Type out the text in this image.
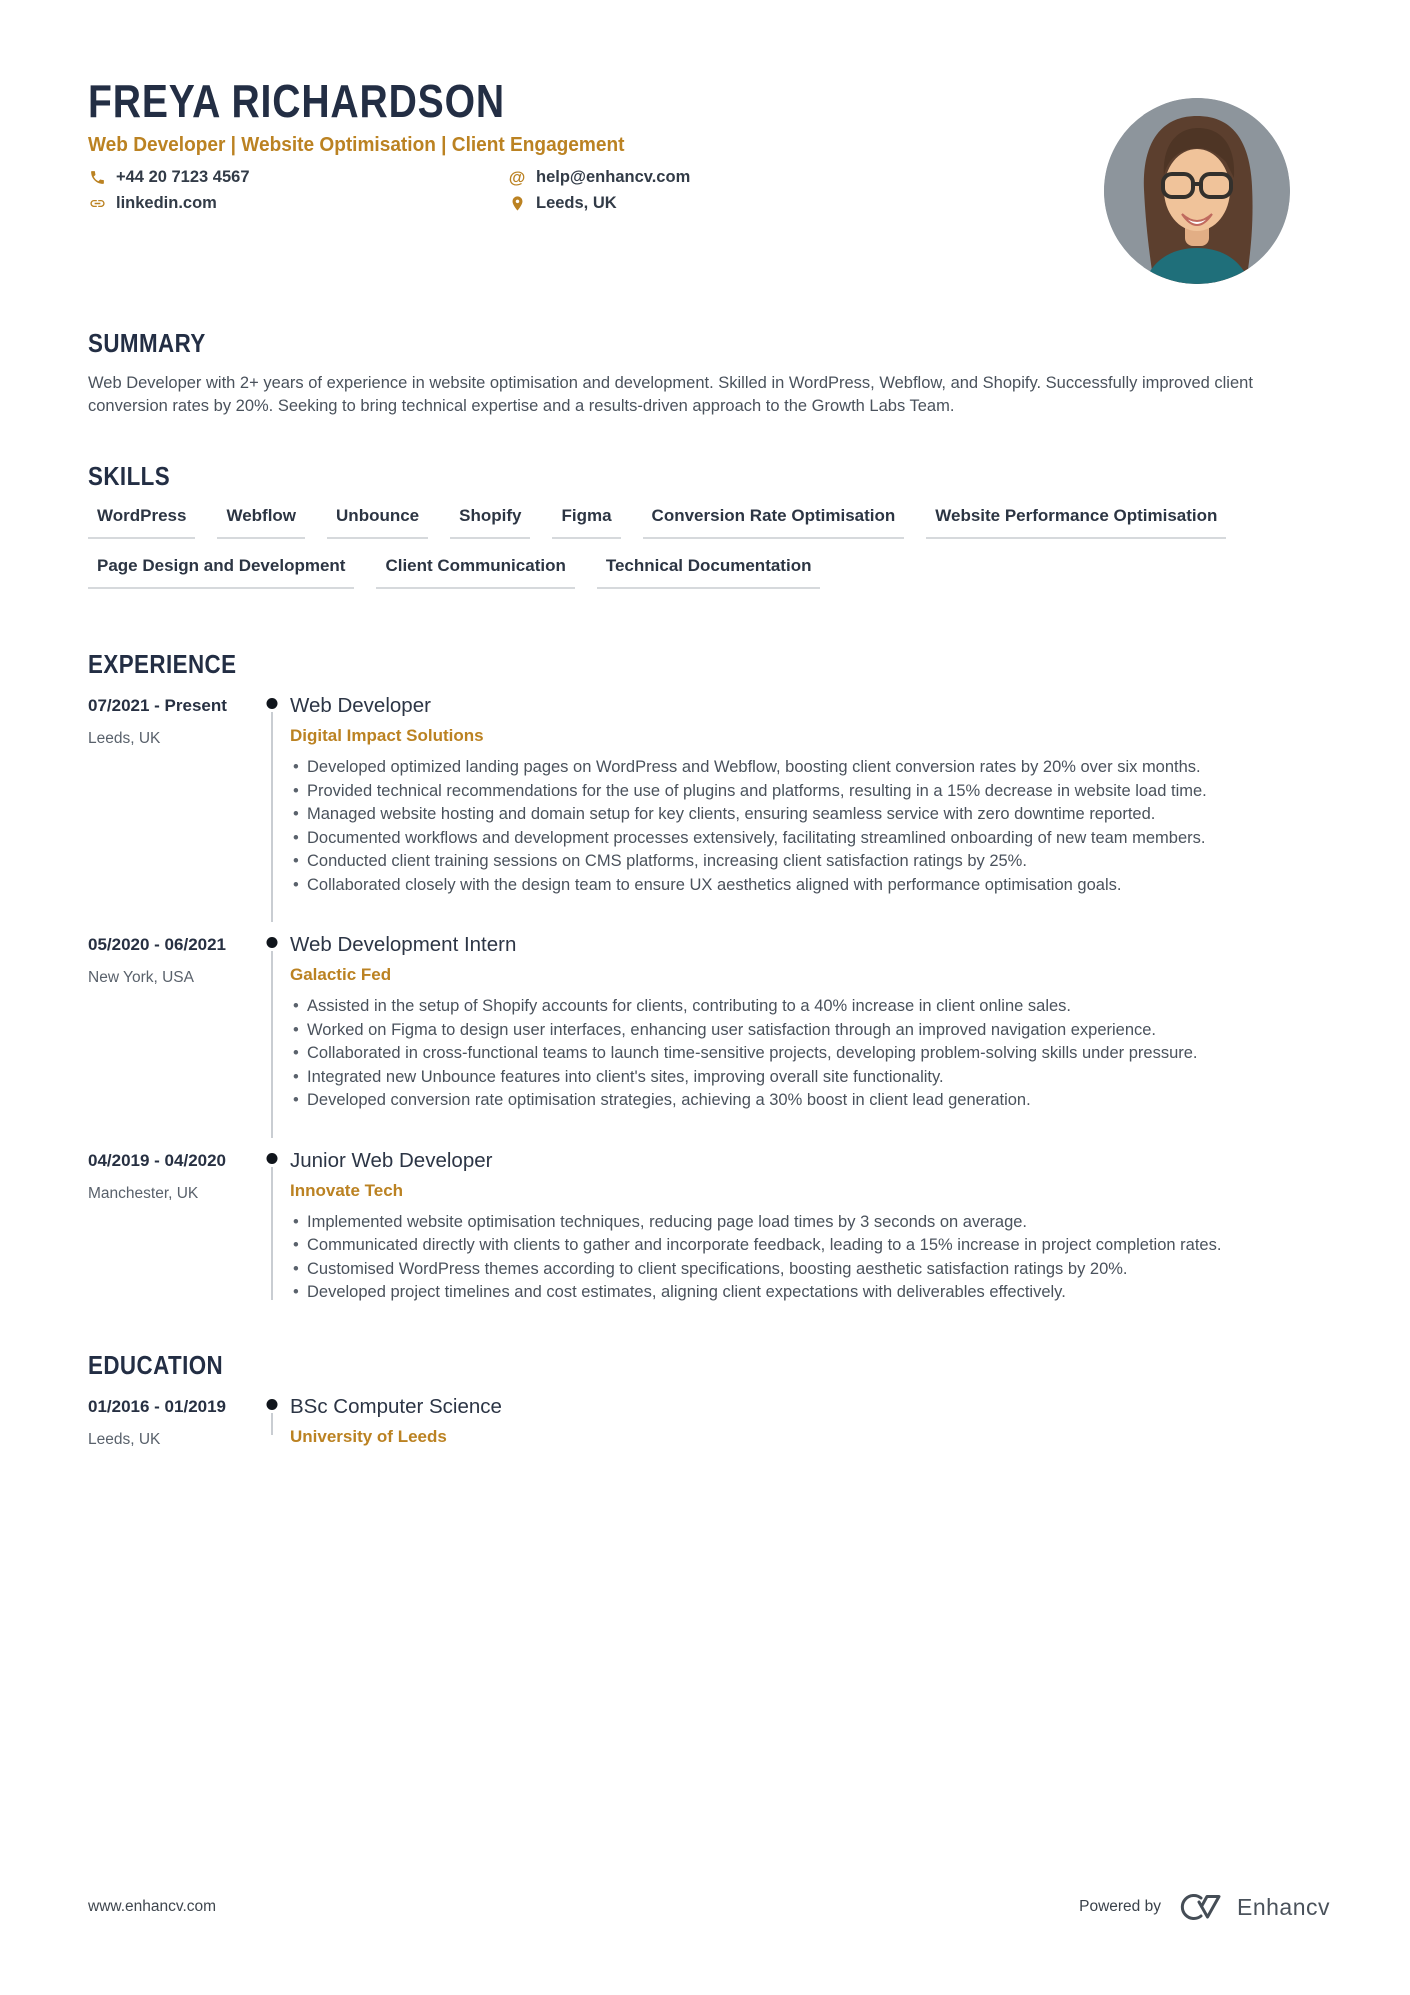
FREYA RICHARDSON
Web Developer | Website Optimisation | Client Engagement
+44 20 7123 4567	@ help@enhancv.com
linkedin.com	Leeds, UK
SUMMARY

Web Developer with 2+ years of experience in website optimisation and development. Skilled in WordPress, Webflow, and Shopify. Successfully improved client conversion rates by 20%. Seeking to bring technical expertise and a results-driven approach to the Growth Labs Team.

SKILLS
WordPress	Webflow	Unbounce	Shopify	Figma	Conversion Rate Optimisation	Website Performance Optimisation
Page Design and Development	Client Communication	Technical Documentation
EXPERIENCE
07/2021 - Present
Leeds, UK
Web Developer
Digital Impact Solutions
• Developed optimized landing pages on WordPress and Webflow, boosting client conversion rates by 20% over six months.
• Provided technical recommendations for the use of plugins and platforms, resulting in a 15% decrease in website load time.
• Managed website hosting and domain setup for key clients, ensuring seamless service with zero downtime reported.
• Documented workflows and development processes extensively, facilitating streamlined onboarding of new team members.
• Conducted client training sessions on CMS platforms, increasing client satisfaction ratings by 25%.
• Collaborated closely with the design team to ensure UX aesthetics aligned with performance optimisation goals.
05/2020 - 06/2021
New York, USA
Web Development Intern
Galactic Fed
• Assisted in the setup of Shopify accounts for clients, contributing to a 40% increase in client online sales.
• Worked on Figma to design user interfaces, enhancing user satisfaction through an improved navigation experience.
• Collaborated in cross-functional teams to launch time-sensitive projects, developing problem-solving skills under pressure.
• Integrated new Unbounce features into client's sites, improving overall site functionality.
• Developed conversion rate optimisation strategies, achieving a 30% boost in client lead generation.
04/2019 - 04/2020
Manchester, UK
Junior Web Developer
Innovate Tech
• Implemented website optimisation techniques, reducing page load times by 3 seconds on average.
• Communicated directly with clients to gather and incorporate feedback, leading to a 15% increase in project completion rates.
• Customised WordPress themes according to client specifications, boosting aesthetic satisfaction ratings by 20%.
• Developed project timelines and cost estimates, aligning client expectations with deliverables effectively.
EDUCATION
01/2016 - 01/2019
Leeds, UK
BSc Computer Science
University of Leeds
www.enhancv.com	Powered by	Enhancv
